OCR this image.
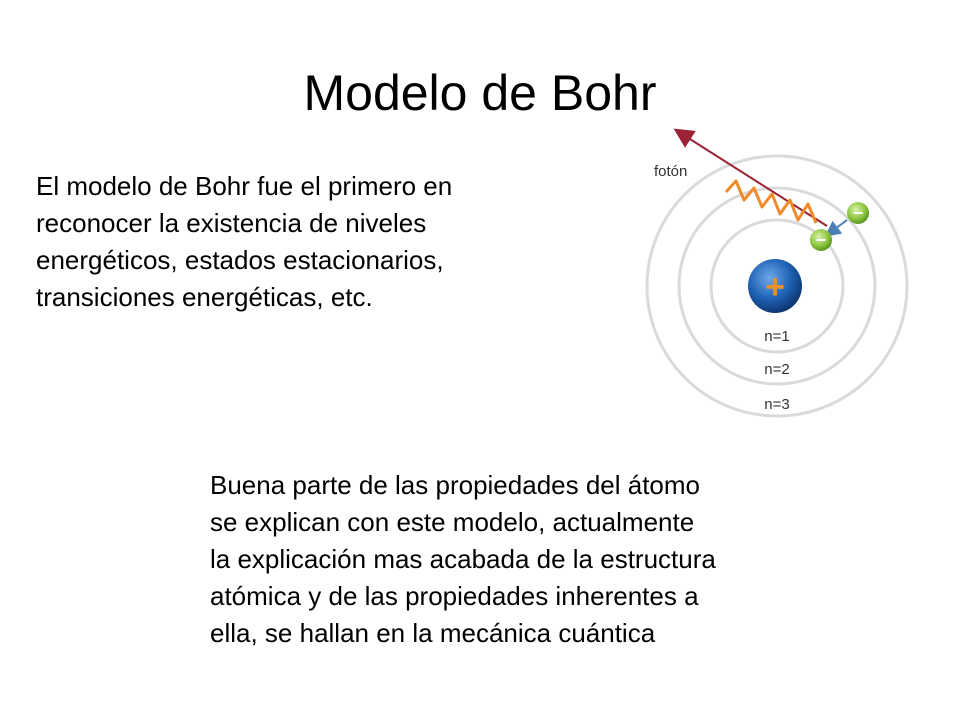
Modelo de Bohr

El modelo de Bohr fue el primero en
reconocer la existencia de niveles
energéticos, estados estacionarios,
transiciones energéticas, etc.	+
fotón
−
−
n=1
n=2
n=3

Buena parte de las propiedades del átomo
se explican con este modelo, actualmente
la explicación mas acabada de la estructura
atómica y de las propiedades inherentes a
ella, se hallan en la mecánica cuántica
